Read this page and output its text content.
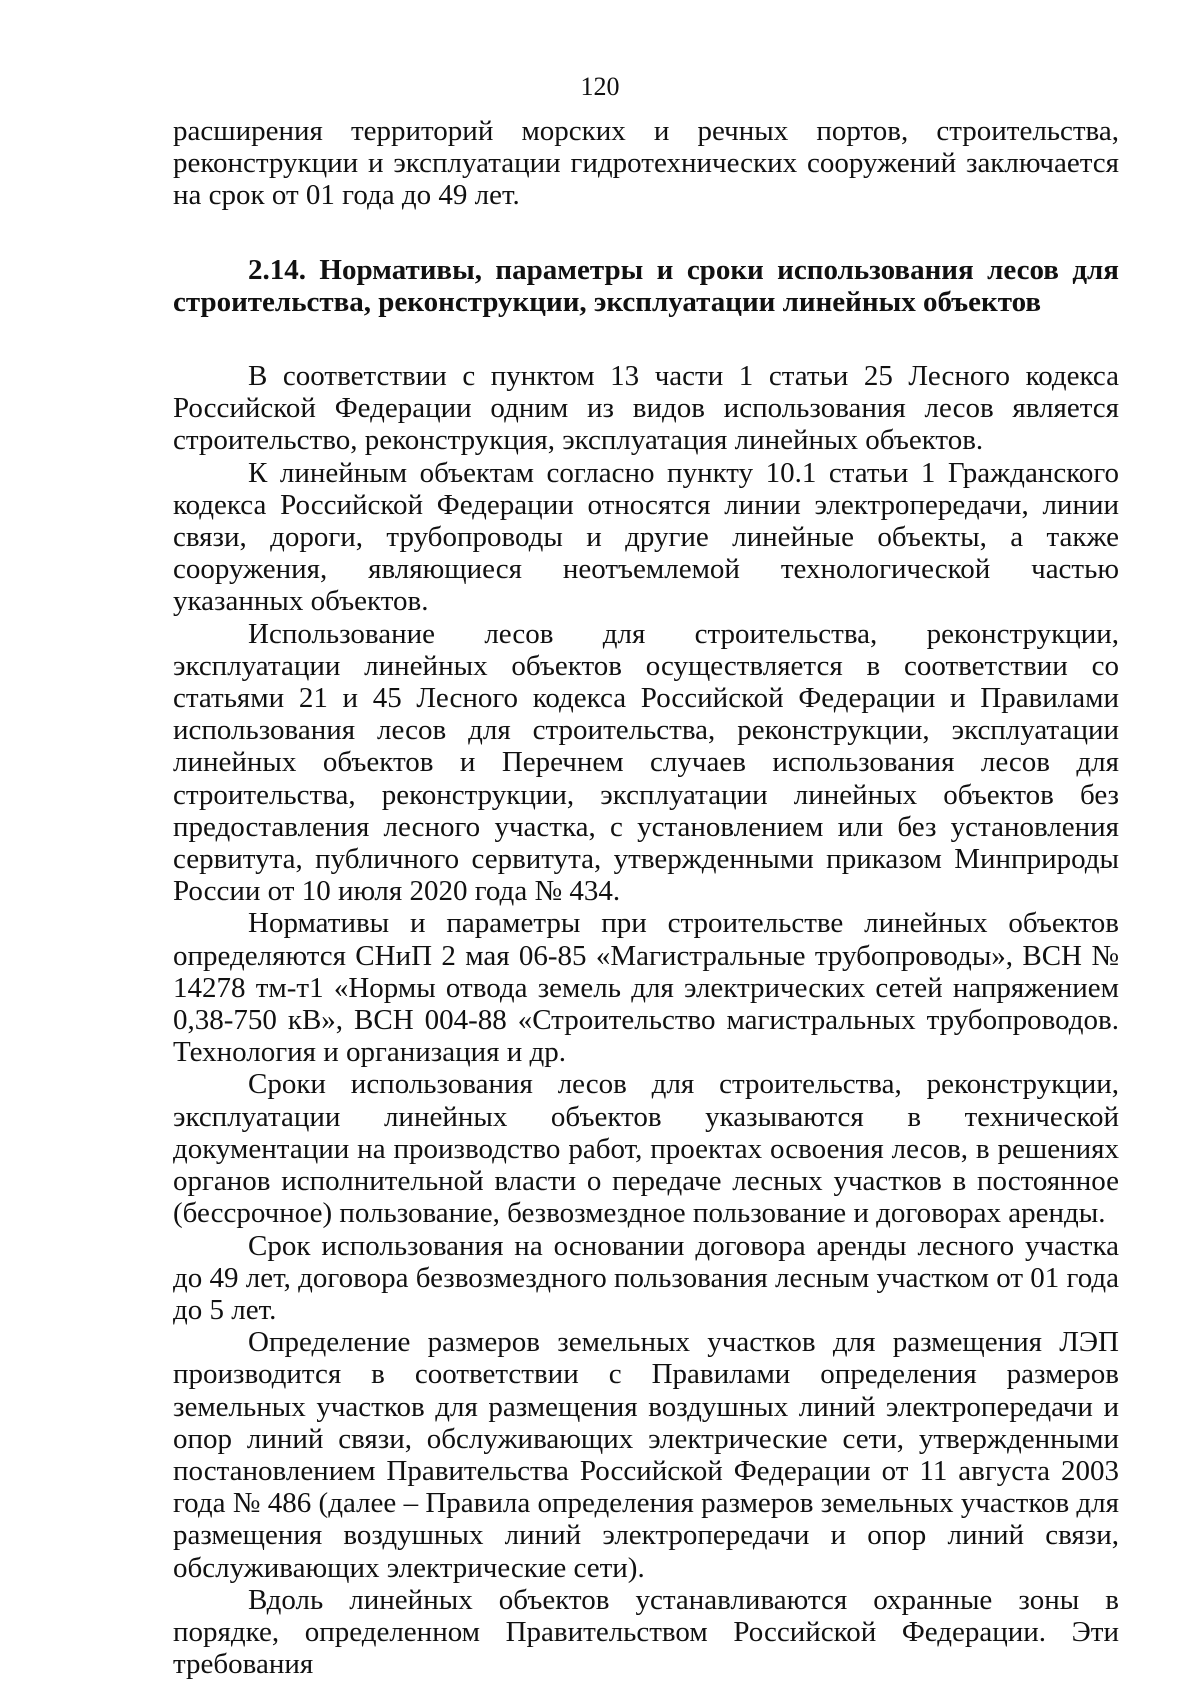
120

расширения территорий морских и речных портов, строительства, реконструкции и эксплуатации гидротехнических сооружений заключается на срок от 01 года до 49 лет.

2.14. Нормативы, параметры и сроки использования лесов для строительства, реконструкции, эксплуатации линейных объектов

В соответствии с пунктом 13 части 1 статьи 25 Лесного кодекса Российской Федерации одним из видов использования лесов является строительство, реконструкция, эксплуатация линейных объектов.

К линейным объектам согласно пункту 10.1 статьи 1 Гражданского кодекса Российской Федерации относятся линии электропередачи, линии связи, дороги, трубопроводы и другие линейные объекты, а также сооружения, являющиеся неотъемлемой технологической частью указанных объектов.

Использование лесов для строительства, реконструкции, эксплуатации линейных объектов осуществляется в соответствии со статьями 21 и 45 Лесного кодекса Российской Федерации и Правилами использования лесов для строительства, реконструкции, эксплуатации линейных объектов и Перечнем случаев использования лесов для строительства, реконструкции, эксплуатации линейных объектов без предоставления лесного участка, с установлением или без установления сервитута, публичного сервитута, утвержденными приказом Минприроды России от 10 июля 2020 года № 434.

Нормативы и параметры при строительстве линейных объектов определяются СНиП 2 мая 06-85 «Магистральные трубопроводы», ВСН № 14278 тм-т1 «Нормы отвода земель для электрических сетей напряжением 0,38-750 кВ», ВСН 004-88 «Строительство магистральных трубопроводов. Технология и организация и др.

Сроки использования лесов для строительства, реконструкции, эксплуатации линейных объектов указываются в технической документации на производство работ, проектах освоения лесов, в решениях органов исполнительной власти о передаче лесных участков в постоянное (бессрочное) пользование, безвозмездное пользование и договорах аренды.

Срок использования на основании договора аренды лесного участка до 49 лет, договора безвозмездного пользования лесным участком от 01 года до 5 лет.

Определение размеров земельных участков для размещения ЛЭП производится в соответствии с Правилами определения размеров земельных участков для размещения воздушных линий электропередачи и опор линий связи, обслуживающих электрические сети, утвержденными постановлением Правительства Российской Федерации от 11 августа 2003 года № 486 (далее – Правила определения размеров земельных участков для размещения воздушных линий электропередачи и опор линий связи, обслуживающих электрические сети).

Вдоль линейных объектов устанавливаются охранные зоны в порядке, определенном Правительством Российской Федерации. Эти требования
